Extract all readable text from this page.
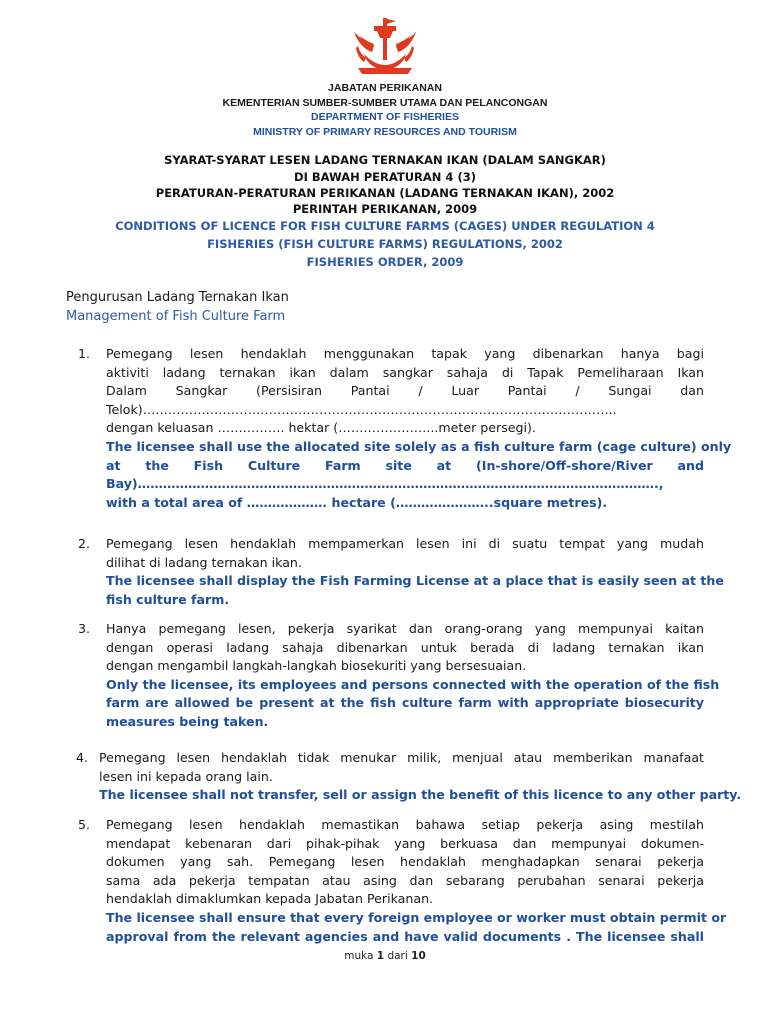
JABATAN PERIKANAN
KEMENTERIAN SUMBER-SUMBER UTAMA DAN PELANCONGAN
DEPARTMENT OF FISHERIES
MINISTRY OF PRIMARY RESOURCES AND TOURISM
SYARAT-SYARAT LESEN LADANG TERNAKAN IKAN (DALAM SANGKAR)
DI BAWAH PERATURAN 4 (3)
PERATURAN-PERATURAN PERIKANAN (LADANG TERNAKAN IKAN), 2002
PERINTAH PERIKANAN, 2009
CONDITIONS OF LICENCE FOR FISH CULTURE FARMS (CAGES) UNDER REGULATION 4
FISHERIES (FISH CULTURE FARMS) REGULATIONS, 2002
FISHERIES ORDER, 2009
Pengurusan Ladang Ternakan Ikan
Management of Fish Culture Farm
1. Pemegang lesen hendaklah menggunakan tapak yang dibenarkan hanya bagi
aktiviti ladang ternakan ikan dalam sangkar sahaja di Tapak Pemeliharaan Ikan
Dalam Sangkar (Persisiran Pantai / Luar Pantai / Sungai dan
Telok)…………………………………………………………………………………………………..
dengan keluasan ……………. hektar (…………………...meter persegi).
The licensee shall use the allocated site solely as a fish culture farm (cage culture) only
at the Fish Culture Farm site at (In-shore/Off-shore/River and
Bay)…………………………………………………………………………………………………………….,
with a total area of ………………. hectare (…………………..square metres).
2. Pemegang lesen hendaklah mempamerkan lesen ini di suatu tempat yang mudah
dilihat di ladang ternakan ikan.
The licensee shall display the Fish Farming License at a place that is easily seen at the
fish culture farm.
3. Hanya pemegang lesen, pekerja syarikat dan orang-orang yang mempunyai kaitan
dengan operasi ladang sahaja dibenarkan untuk berada di ladang ternakan ikan
dengan mengambil langkah-langkah biosekuriti yang bersesuaian.
Only the licensee, its employees and persons connected with the operation of the fish
farm are allowed be present at the fish culture farm with appropriate biosecurity
measures being taken.
4. Pemegang lesen hendaklah tidak menukar milik, menjual atau memberikan manafaat
lesen ini kepada orang lain.
The licensee shall not transfer, sell or assign the benefit of this licence to any other party.
5. Pemegang lesen hendaklah memastikan bahawa setiap pekerja asing mestilah
mendapat kebenaran dari pihak-pihak yang berkuasa dan mempunyai dokumen-
dokumen yang sah. Pemegang lesen hendaklah menghadapkan senarai pekerja
sama ada pekerja tempatan atau asing dan sebarang perubahan senarai pekerja
hendaklah dimaklumkan kepada Jabatan Perikanan.
The licensee shall ensure that every foreign employee or worker must obtain permit or
approval from the relevant agencies and have valid documents . The licensee shall
muka 1 dari 10
